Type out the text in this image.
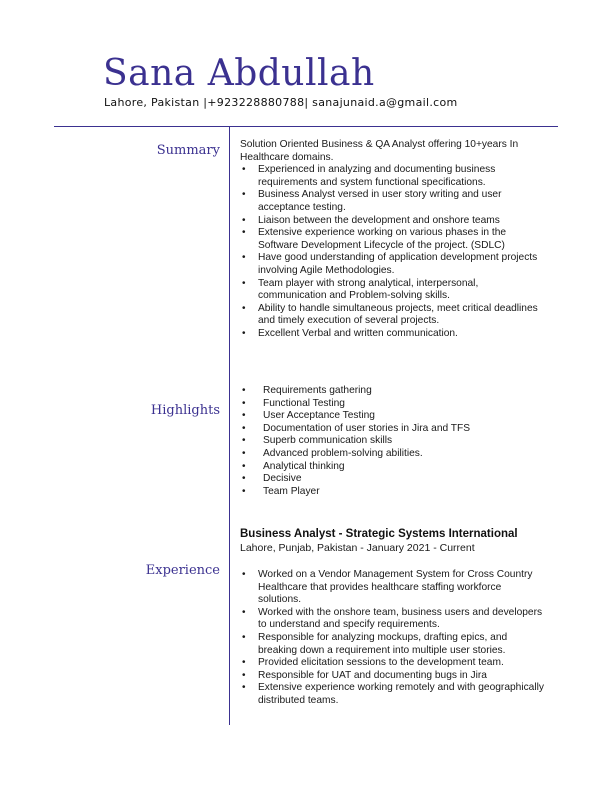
Sana Abdullah
Lahore, Pakistan |+923228880788| sanajunaid.a@gmail.com
Summary Solution Oriented Business & QA Analyst offering 10+years In Healthcare domains.

• Experienced in analyzing and documenting business requirements and system functional specifications.
• Business Analyst versed in user story writing and user acceptance testing.
• Liaison between the development and onshore teams
• Extensive experience working on various phases in the Software Development Lifecycle of the project. (SDLC)
• Have good understanding of application development projects involving Agile Methodologies.
• Team player with strong analytical, interpersonal, communication and Problem-solving skills.
• Ability to handle simultaneous projects, meet critical deadlines and timely execution of several projects.
• Excellent Verbal and written communication.
Highlights
• Requirements gathering
• Functional Testing
• User Acceptance Testing
• Documentation of user stories in Jira and TFS
• Superb communication skills
• Advanced problem-solving abilities.
• Analytical thinking
• Decisive
• Team Player
Experience
Business Analyst - Strategic Systems International
Lahore, Punjab, Pakistan - January 2021 - Current
• Worked on a Vendor Management System for Cross Country Healthcare that provides healthcare staffing workforce solutions.
• Worked with the onshore team, business users and developers to understand and specify requirements.
• Responsible for analyzing mockups, drafting epics, and breaking down a requirement into multiple user stories.
• Provided elicitation sessions to the development team.
• Responsible for UAT and documenting bugs in Jira
• Extensive experience working remotely and with geographically distributed teams.
